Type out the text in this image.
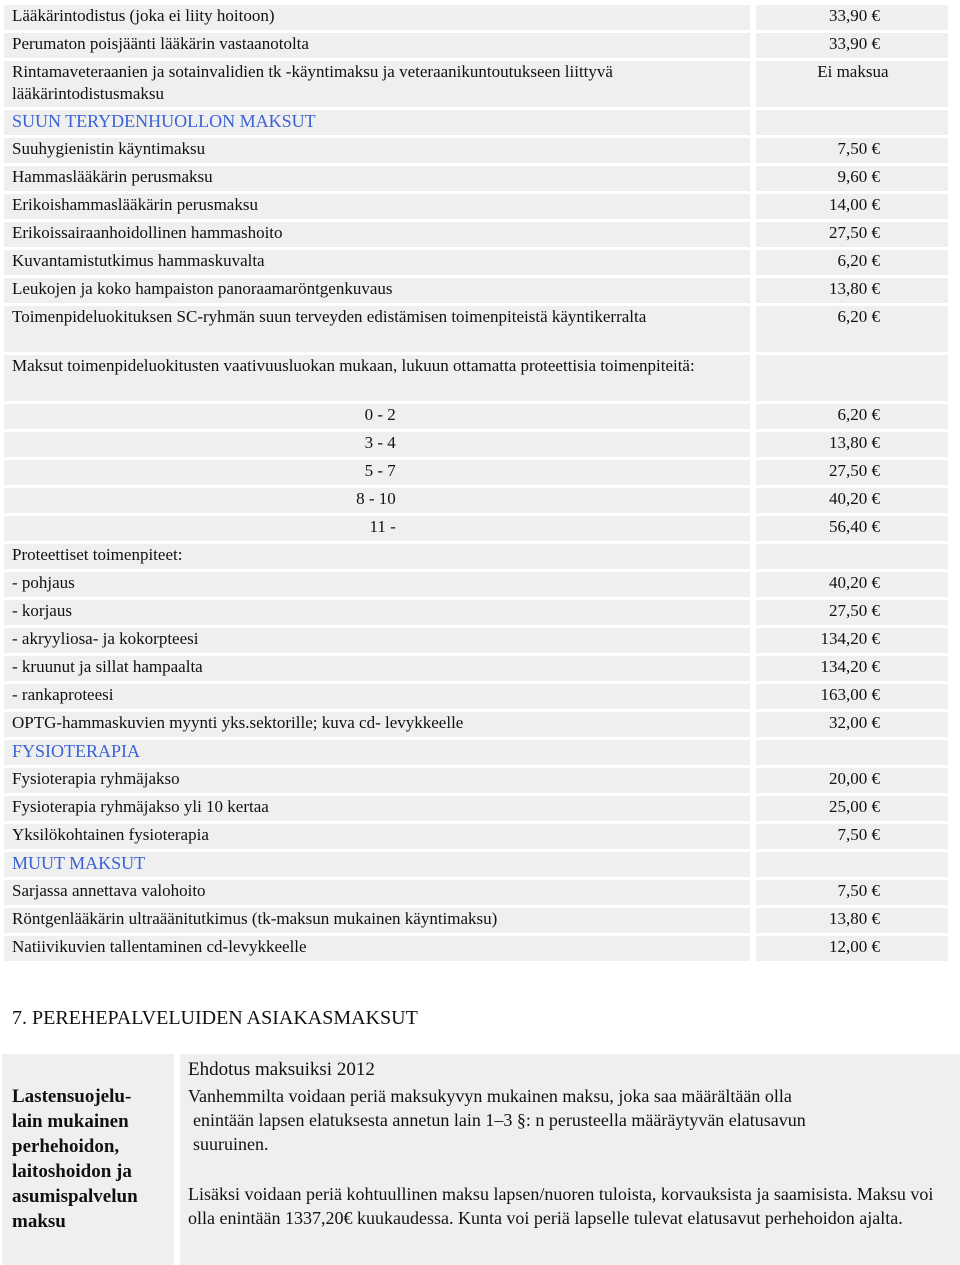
Lääkärintodistus (joka ei liity hoitoon)	33,90 €
Perumaton poisjäänti lääkärin vastaanotolta	33,90 €
Rintamaveteraanien ja sotainvalidien tk -käyntimaksu ja veteraanikuntoutukseen liittyvä lääkärintodistusmaksu	Ei maksua
SUUN TERYDENHUOLLON MAKSUT	
Suuhygienistin käyntimaksu	7,50 €
Hammaslääkärin perusmaksu	9,60 €
Erikoishammaslääkärin perusmaksu	14,00 €
Erikoissairaanhoidollinen hammashoito	27,50 €
Kuvantamistutkimus hammaskuvalta	6,20 €
Leukojen ja koko hampaiston panoraamaröntgenkuvaus	13,80 €
Toimenpideluokituksen SC-ryhmän suun terveyden edistämisen toimenpiteistä käyntikerralta	6,20 €
Maksut toimenpideluokitusten vaativuusluokan mukaan, lukuun ottamatta proteettisia toimenpiteitä:	
0 - 2	6,20 €
3 - 4	13,80 €
5 - 7	27,50 €
8 - 10	40,20 €
11 -	56,40 €
Proteettiset toimenpiteet:	
- pohjaus	40,20 €
- korjaus	27,50 €
- akryyliosa- ja kokorpteesi	134,20 €
- kruunut ja sillat hampaalta	134,20 €
- rankaproteesi	163,00 €
OPTG-hammaskuvien myynti yks.sektorille; kuva cd- levykkeelle	32,00 €
FYSIOTERAPIA	
Fysioterapia ryhmäjakso	20,00 €
Fysioterapia ryhmäjakso yli 10 kertaa	25,00 €
Yksilökohtainen fysioterapia	7,50 €
MUUT MAKSUT	
Sarjassa annettava valohoito	7,50 €
Röntgenlääkärin ultraäänitutkimus (tk-maksun mukainen käyntimaksu)	13,80 €
Natiivikuvien tallentaminen cd-levykkeelle	12,00 €
7. PEREHEPALVELUIDEN ASIAKASMAKSUT
Lastensuojelu-
lain mukainen
perhehoidon,
laitoshoidon ja
asumispalvelun
maksu
Ehdotus maksuiksi 2012

Vanhemmilta voidaan periä maksukyvyn mukainen maksu, joka saa määrältään olla
enintään lapsen elatuksesta annetun lain 1–3 §: n perusteella määräytyvän elatusavun
suuruinen.

Lisäksi voidaan periä kohtuullinen maksu lapsen/nuoren tuloista, korvauksista ja saamisista. Maksu voi olla enintään 1337,20€ kuukaudessa. Kunta voi periä lapselle tulevat elatusavut perhehoidon ajalta.
